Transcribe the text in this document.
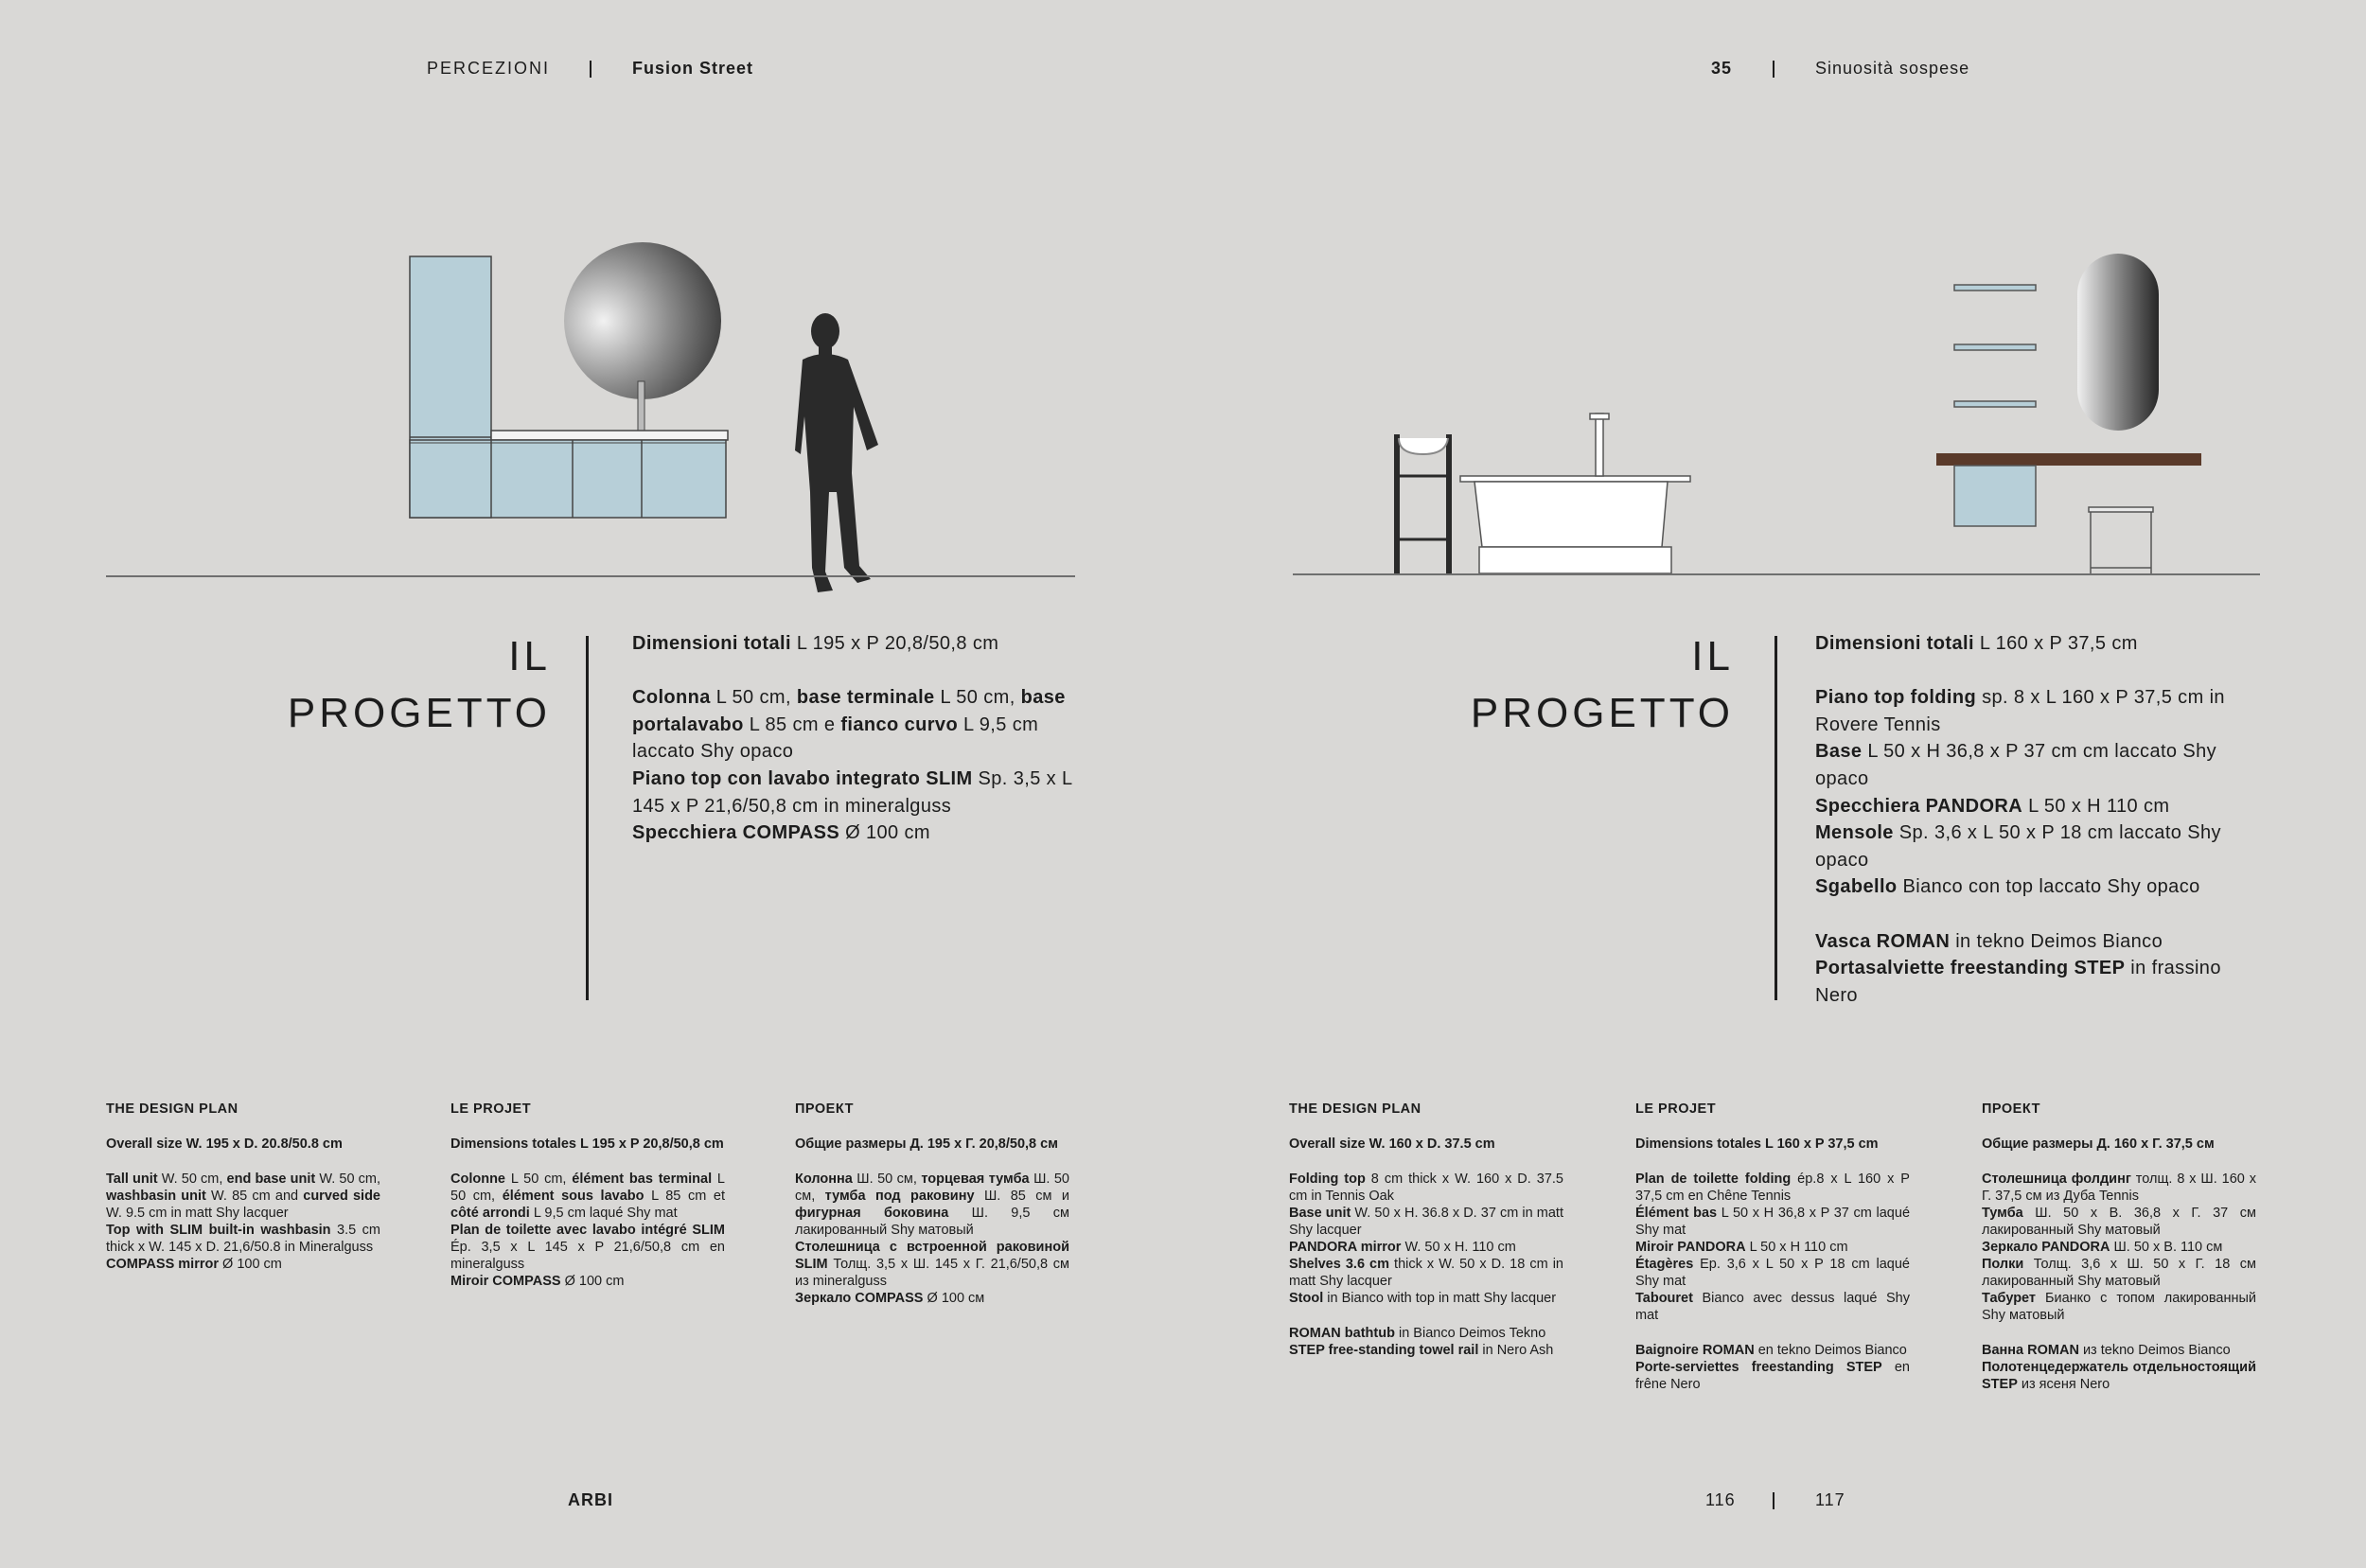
PERCEZIONI	Fusion Street	35	Sinuosità sospese
IL
PROGETTO
Dimensioni totali L 195 x P 20,8/50,8 cm
Colonna L 50 cm, base terminale L 50 cm, base portalavabo L 85 cm e fianco curvo L 9,5 cm laccato Shy opaco
Piano top con lavabo integrato SLIM Sp. 3,5 x L 145 x P 21,6/50,8 cm in mineralguss
Specchiera COMPASS Ø 100 cm
IL
PROGETTO
Dimensioni totali L 160 x P 37,5 cm
Piano top folding sp. 8 x L 160 x P 37,5 cm in Rovere Tennis
Base L 50 x H 36,8 x P 37 cm cm laccato Shy opaco
Specchiera PANDORA L 50 x H 110 cm
Mensole Sp. 3,6 x L 50 x P 18 cm laccato Shy opaco
Sgabello Bianco con top laccato Shy opaco
Vasca ROMAN in tekno Deimos Bianco
Portasalviette freestanding STEP in frassino Nero
THE DESIGN PLAN

Overall size W. 195 x D. 20.8/50.8 cm

Tall unit W. 50 cm, end base unit W. 50 cm, washbasin unit W. 85 cm and curved side W. 9.5 cm in matt Shy lacquer
Top with SLIM built-in washbasin 3.5 cm thick x W. 145 x D. 21,6/50.8 in Mineralguss
COMPASS mirror Ø 100 cm

LE PROJET

Dimensions totales L 195 x P 20,8/50,8 cm

Colonne L 50 cm, élément bas terminal L 50 cm, élément sous lavabo L 85 cm et côté arrondi L 9,5 cm laqué Shy mat
Plan de toilette avec lavabo intégré SLIM Ép. 3,5 x L 145 x P 21,6/50,8 cm en mineralguss
Miroir COMPASS Ø 100 cm

ПРОЕКТ

Общие размеры Д. 195 x Г. 20,8/50,8 см

Колонна Ш. 50 см, торцевая тумба Ш. 50 см, тумба под раковину Ш. 85 см и фигурная боковина Ш. 9,5 см лакированный Shy матовый
Столешница с встроенной раковиной SLIM Толщ. 3,5 x Ш. 145 x Г. 21,6/50,8 см из mineralguss
Зеркало COMPASS Ø 100 см

THE DESIGN PLAN

Overall size W. 160 x D. 37.5 cm

Folding top 8 cm thick x W. 160 x D. 37.5 cm in Tennis Oak
Base unit W. 50 x H. 36.8 x D. 37 cm in matt Shy lacquer
PANDORA mirror W. 50 x H. 110 cm
Shelves 3.6 cm thick x W. 50 x D. 18 cm in matt Shy lacquer
Stool in Bianco with top in matt Shy lacquer

ROMAN bathtub in Bianco Deimos Tekno
STEP free-standing towel rail in Nero Ash

LE PROJET

Dimensions totales L 160 x P 37,5 cm

Plan de toilette folding ép.8 x L 160 x P 37,5 cm en Chêne Tennis
Élément bas L 50 x H 36,8 x P 37 cm laqué Shy mat
Miroir PANDORA L 50 x H 110 cm
Étagères Ep. 3,6 x L 50 x P 18 cm laqué Shy mat
Tabouret Bianco avec dessus laqué Shy mat

Baignoire ROMAN en tekno Deimos Bianco
Porte-serviettes freestanding STEP en frêne Nero

ПРОЕКТ

Общие размеры Д. 160 x Г. 37,5 см

Столешница фолдинг толщ. 8 x Ш. 160 x Г. 37,5 см из Дуба Tennis
Тумба Ш. 50 x В. 36,8 x Г. 37 см лакированный Shy матовый
Зеркало PANDORA Ш. 50 x В. 110 см
Полки Толщ. 3,6 x Ш. 50 x Г. 18 см лакированный Shy матовый
Табурет Бианко с топом лакированный Shy матовый

Ванна ROMAN из tekno Deimos Bianco
Полотенцедержатель отдельностоящий STEP из ясеня Nero

ARBI	116	117
